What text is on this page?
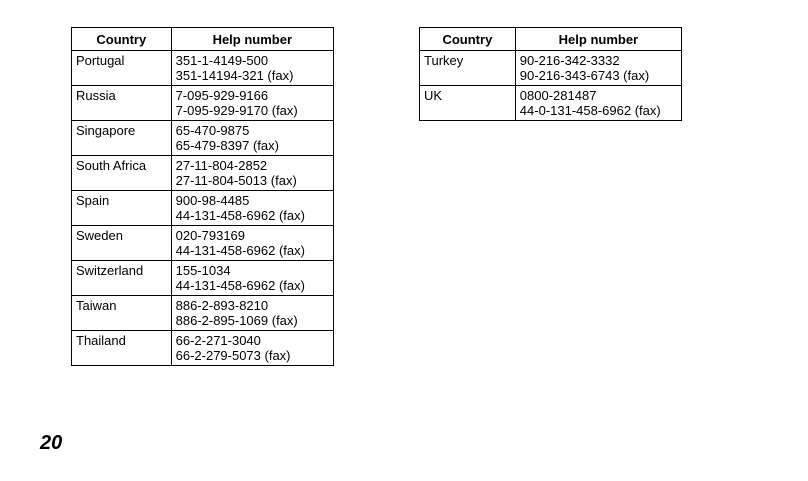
Country	Help number
Portugal	351-1-4149-500
351-14194-321 (fax)

Russia	7-095-929-9166
7-095-929-9170 (fax)

Singapore	65-470-9875
65-479-8397 (fax)

South Africa	27-11-804-2852
27-11-804-5013 (fax)

Spain	900-98-4485
44-131-458-6962 (fax)

Sweden	020-793169
44-131-458-6962 (fax)

Switzerland	155-1034
44-131-458-6962 (fax)

Taiwan	886-2-893-8210
886-2-895-1069 (fax)

Thailand	66-2-271-3040
66-2-279-5073 (fax)
Country	Help number
Turkey	90-216-342-3332
90-216-343-6743 (fax)

UK	0800-281487
44-0-131-458-6962 (fax)
20
